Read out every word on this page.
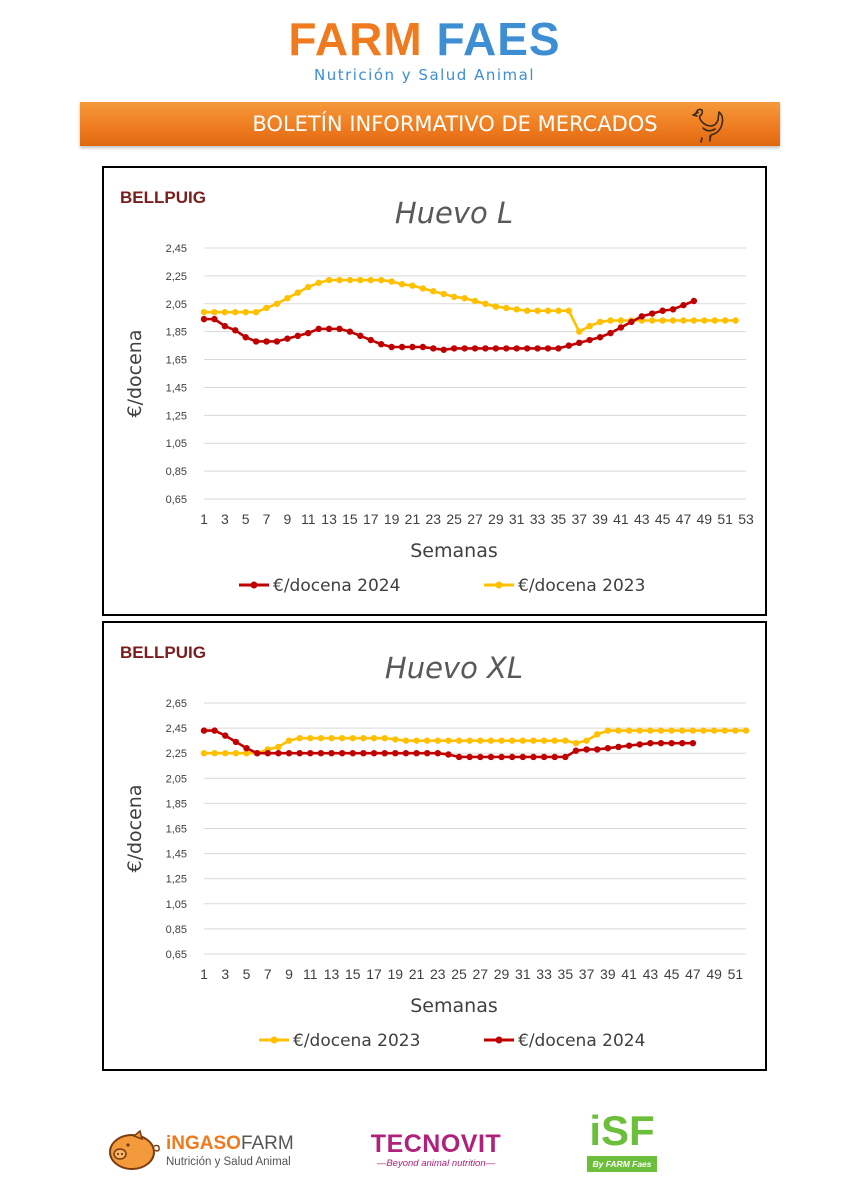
FARM FAES
Nutrición y Salud Animal
BOLETÍN INFORMATIVO DE MERCADOS
BELLPUIG	Huevo L
0,65
0,85
1,05
1,25
1,45
1,65
1,85
2,05
2,25
2,45
1 3 5 7 9 11 13 15 17 19 21 23 25 27 29 31 33 35 37 39 41 43 45 47 49 51 53
Semanas
€/docena
€/docena 2024	€/docena 2023
BELLPUIG	Huevo XL
0,65
0,85
1,05
1,25
1,45
1,65
1,85
2,05
2,25
2,45
2,65
1 3 5 7 9 11 13 15 17 19 21 23 25 27 29 31 33 35 37 39 41 43 45 47 49 51
Semanas
€/docena
€/docena 2023	€/docena 2024
iNGASOFARM
Nutrición y Salud Animal
TECNOVIT
—Beyond animal nutrition—
iSF
By FARM Faes
